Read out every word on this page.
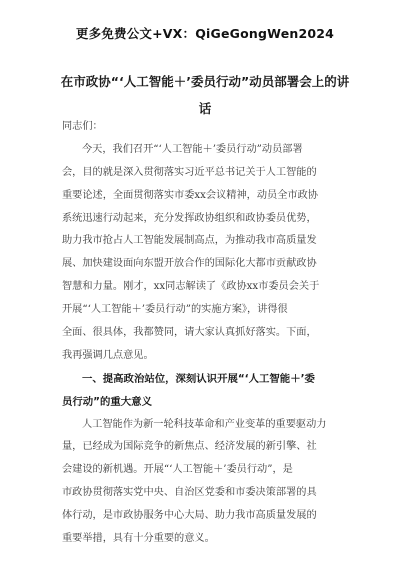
更多免费公文+VX：QiGeGongWen2024
在市政协“‘人工智能＋’委员行动”动员部署会上的讲
话
同志们：
今天，我们召开“‘人工智能＋’委员行动”动员部署
会，目的就是深入贯彻落实习近平总书记关于人工智能的
重要论述，全面贯彻落实市委xx会议精神，动员全市政协
系统迅速行动起来，充分发挥政协组织和政协委员优势，
助力我市抢占人工智能发展制高点，为推动我市高质量发
展、加快建设面向东盟开放合作的国际化大都市贡献政协
智慧和力量。刚才，xx同志解读了《政协xx市委员会关于
开展“‘人工智能＋’委员行动”的实施方案》，讲得很
全面、很具体，我都赞同，请大家认真抓好落实。下面，
我再强调几点意见。
一、提高政治站位，深刻认识开展“‘人工智能＋’委
员行动”的重大意义
人工智能作为新一轮科技革命和产业变革的重要驱动力
量，已经成为国际竞争的新焦点、经济发展的新引擎、社
会建设的新机遇。开展“‘人工智能＋’委员行动”，是
市政协贯彻落实党中央、自治区党委和市委决策部署的具
体行动，是市政协服务中心大局、助力我市高质量发展的
重要举措，具有十分重要的意义。
